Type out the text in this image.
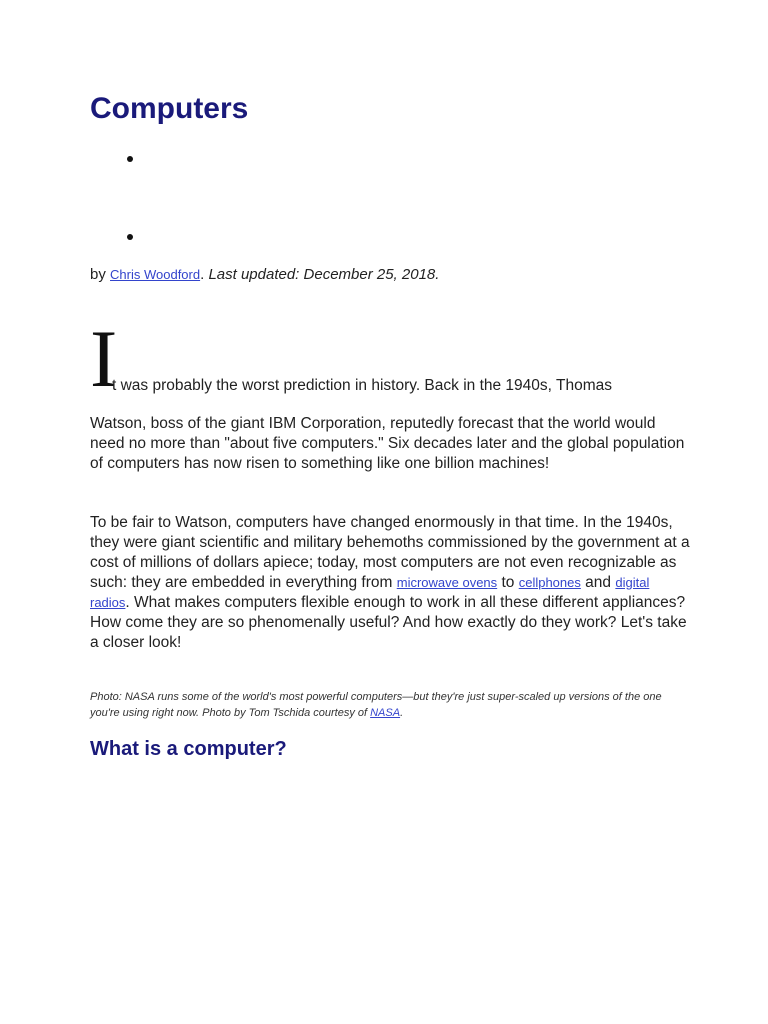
Computers

by Chris Woodford. Last updated: December 25, 2018.

I
t was probably the worst prediction in history. Back in the 1940s, Thomas

Watson, boss of the giant IBM Corporation, reputedly forecast that the world would need no more than "about five computers." Six decades later and the global population of computers has now risen to something like one billion machines!

To be fair to Watson, computers have changed enormously in that time. In the 1940s, they were giant scientific and military behemoths commissioned by the government at a cost of millions of dollars apiece; today, most computers are not even recognizable as such: they are embedded in everything from microwave ovens to cellphones and digital radios. What makes computers flexible enough to work in all these different appliances? How come they are so phenomenally useful? And how exactly do they work? Let's take a closer look!

Photo: NASA runs some of the world's most powerful computers—but they're just super-scaled up versions of the one you're using right now. Photo by Tom Tschida courtesy of NASA.

What is a computer?
